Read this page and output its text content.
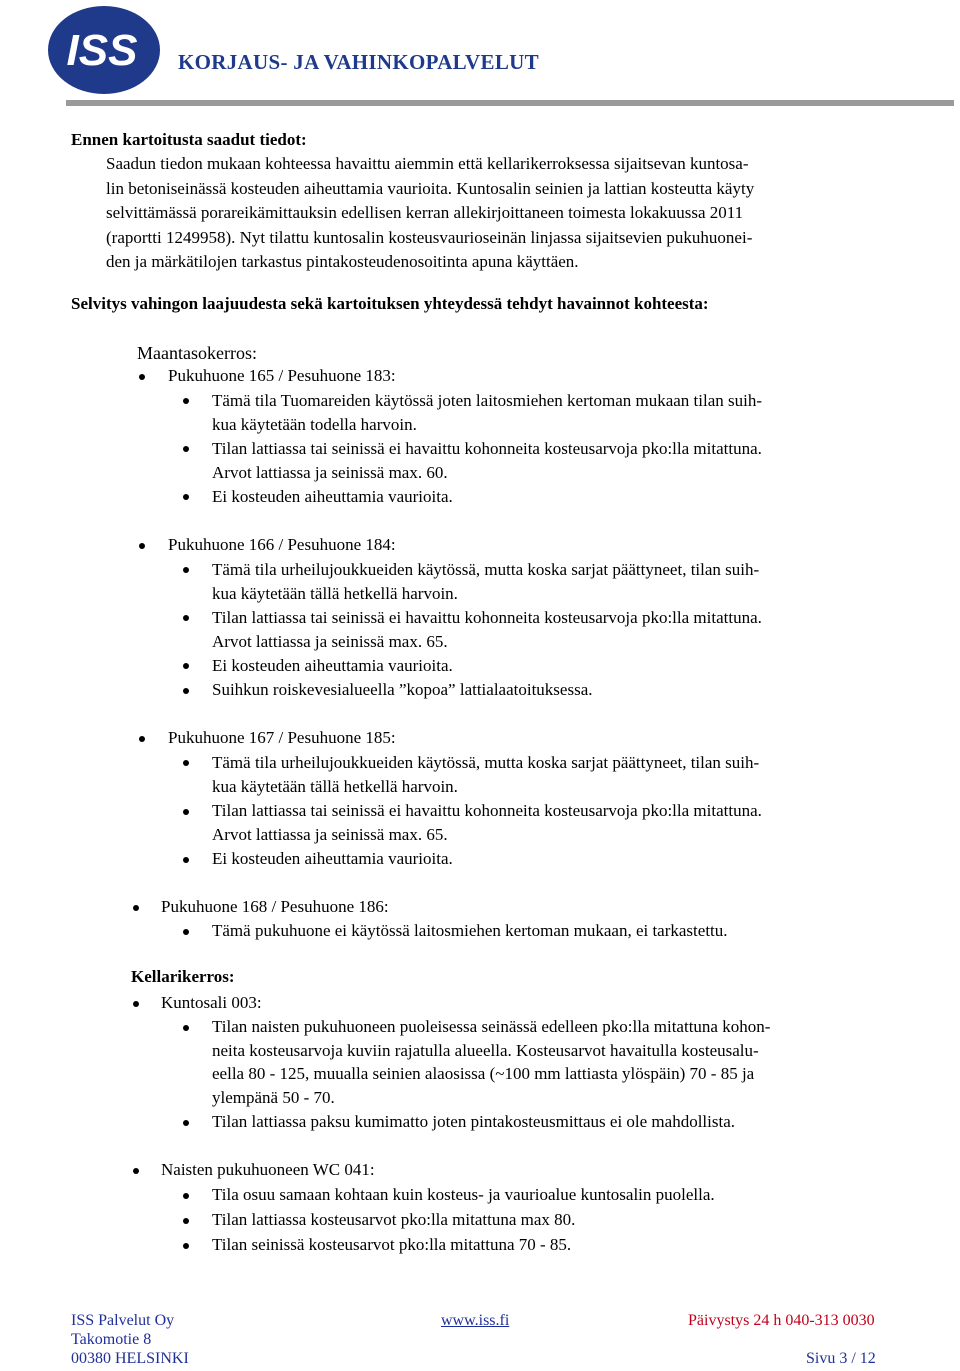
ISS KORJAUS- JA VAHINKOPALVELUT
Ennen kartoitusta saadut tiedot:
Saadun tiedon mukaan kohteessa havaittu aiemmin että kellarikerroksessa sijaitsevan kuntosa-
lin betoniseinässä kosteuden aiheuttamia vaurioita. Kuntosalin seinien ja lattian kosteutta käyty
selvittämässä porareikämittauksin edellisen kerran allekirjoittaneen toimesta lokakuussa 2011
(raportti 1249958). Nyt tilattu kuntosalin kosteusvaurioseinän linjassa sijaitsevien pukuhuonei-
den ja märkätilojen tarkastus pintakosteudenosoitinta apuna käyttäen.
Selvitys vahingon laajuudesta sekä kartoituksen yhteydessä tehdyt havainnot kohteesta:
Maantasokerros:
Pukuhuone 165 / Pesuhuone 183:
Tämä tila Tuomareiden käytössä joten laitosmiehen kertoman mukaan tilan suih-
kua käytetään todella harvoin.
Tilan lattiassa tai seinissä ei havaittu kohonneita kosteusarvoja pko:lla mitattuna.
Arvot lattiassa ja seinissä max. 60.
Ei kosteuden aiheuttamia vaurioita.
Pukuhuone 166 / Pesuhuone 184:
Tämä tila urheilujoukkueiden käytössä, mutta koska sarjat päättyneet, tilan suih-
kua käytetään tällä hetkellä harvoin.
Tilan lattiassa tai seinissä ei havaittu kohonneita kosteusarvoja pko:lla mitattuna.
Arvot lattiassa ja seinissä max. 65.
Ei kosteuden aiheuttamia vaurioita.
Suihkun roiskevesialueella ”kopoa” lattialaatoituksessa.
Pukuhuone 167 / Pesuhuone 185:
Tämä tila urheilujoukkueiden käytössä, mutta koska sarjat päättyneet, tilan suih-
kua käytetään tällä hetkellä harvoin.
Tilan lattiassa tai seinissä ei havaittu kohonneita kosteusarvoja pko:lla mitattuna.
Arvot lattiassa ja seinissä max. 65.
Ei kosteuden aiheuttamia vaurioita.
Pukuhuone 168 / Pesuhuone 186:
Tämä pukuhuone ei käytössä laitosmiehen kertoman mukaan, ei tarkastettu.
Kellarikerros:
Kuntosali 003:
Tilan naisten pukuhuoneen puoleisessa seinässä edelleen pko:lla mitattuna kohon-
neita kosteusarvoja kuviin rajatulla alueella. Kosteusarvot havaitulla kosteusalu-
eella 80 - 125, muualla seinien alaosissa (~100 mm lattiasta ylöspäin) 70 - 85 ja
ylempänä 50 - 70.
Tilan lattiassa paksu kumimatto joten pintakosteusmittaus ei ole mahdollista.
Naisten pukuhuoneen WC 041:
Tila osuu samaan kohtaan kuin kosteus- ja vaurioalue kuntosalin puolella.
Tilan lattiassa kosteusarvot pko:lla mitattuna max 80.
Tilan seinissä kosteusarvot pko:lla mitattuna 70 - 85.
ISS Palvelut Oy
Takomotie 8
00380 HELSINKI
www.iss.fi	Päivystys 24 h 040-313 0030
Sivu 3 / 12
